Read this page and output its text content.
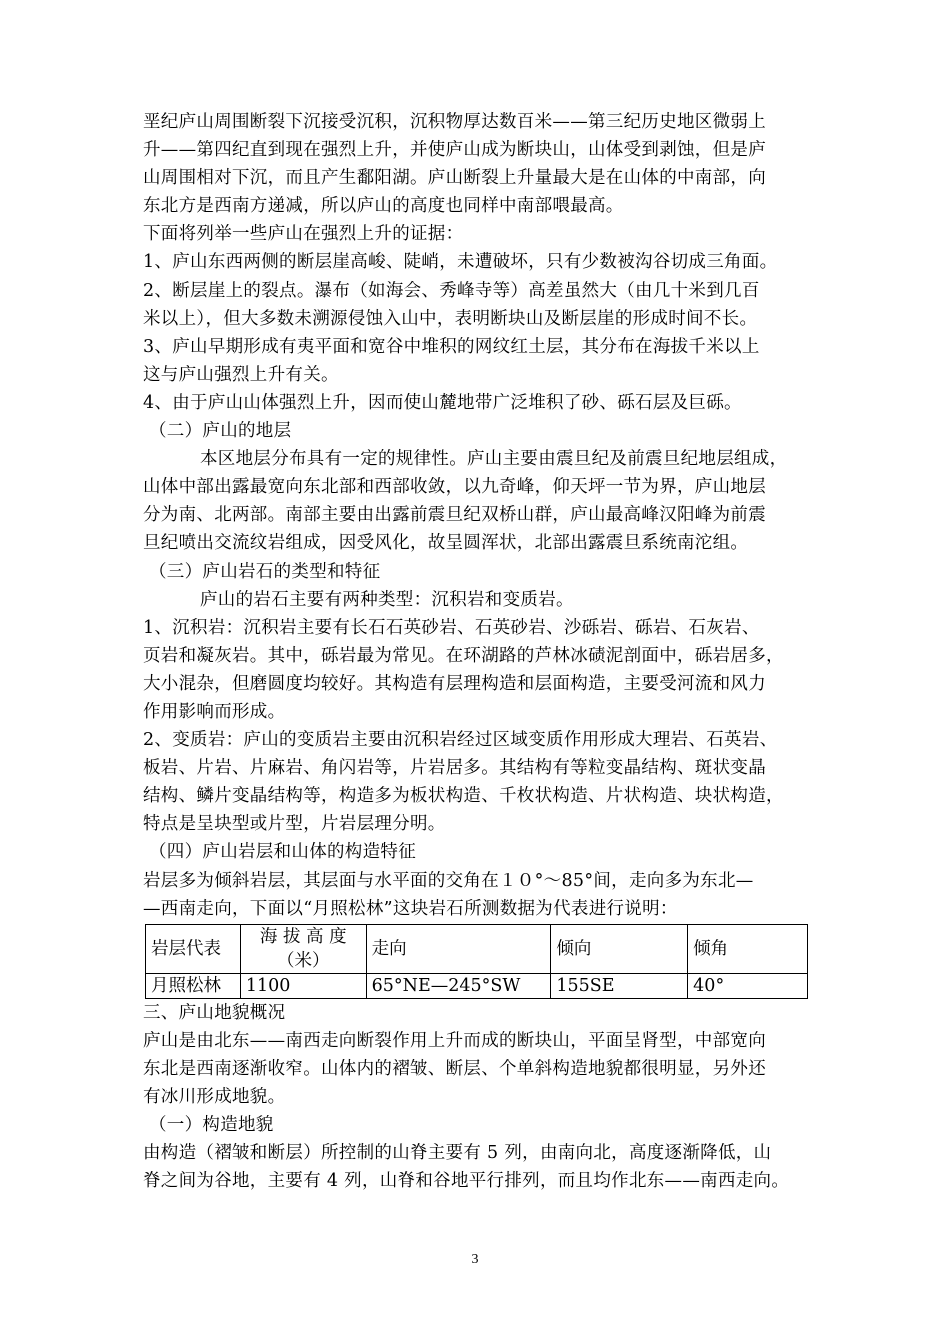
垩纪庐山周围断裂下沉接受沉积，沉积物厚达数百米——第三纪历史地区微弱上

升——第四纪直到现在强烈上升，并使庐山成为断块山，山体受到剥蚀，但是庐

山周围相对下沉，而且产生鄱阳湖。庐山断裂上升量最大是在山体的中南部，向

东北方是西南方递减，所以庐山的高度也同样中南部喂最高。

下面将列举一些庐山在强烈上升的证据：

1、庐山东西两侧的断层崖高峻、陡峭，未遭破坏，只有少数被沟谷切成三角面。

2、断层崖上的裂点。瀑布（如海会、秀峰寺等）高差虽然大（由几十米到几百

米以上），但大多数未溯源侵蚀入山中，表明断块山及断层崖的形成时间不长。

3、庐山早期形成有夷平面和宽谷中堆积的网纹红土层，其分布在海拔千米以上

这与庐山强烈上升有关。

4、由于庐山山体强烈上升，因而使山麓地带广泛堆积了砂、砾石层及巨砾。

（二）庐山的地层

本区地层分布具有一定的规律性。庐山主要由震旦纪及前震旦纪地层组成，

山体中部出露最宽向东北部和西部收敛，以九奇峰，仰天坪一节为界，庐山地层

分为南、北两部。南部主要由出露前震旦纪双桥山群，庐山最高峰汉阳峰为前震

旦纪喷出交流纹岩组成，因受风化，故呈圆浑状，北部出露震旦系统南沱组。

（三）庐山岩石的类型和特征

庐山的岩石主要有两种类型：沉积岩和变质岩。

1、沉积岩：沉积岩主要有长石石英砂岩、石英砂岩、沙砾岩、砾岩、石灰岩、

页岩和凝灰岩。其中，砾岩最为常见。在环湖路的芦林冰碛泥剖面中，砾岩居多，

大小混杂，但磨圆度均较好。其构造有层理构造和层面构造，主要受河流和风力

作用影响而形成。

2、变质岩：庐山的变质岩主要由沉积岩经过区域变质作用形成大理岩、石英岩、

板岩、片岩、片麻岩、角闪岩等，片岩居多。其结构有等粒变晶结构、斑状变晶

结构、鳞片变晶结构等，构造多为板状构造、千枚状构造、片状构造、块状构造，

特点是呈块型或片型，片岩层理分明。

（四）庐山岩层和山体的构造特征

岩层多为倾斜岩层，其层面与水平面的交角在１０°～85°间，走向多为东北—

—西南走向，下面以“月照松林”这块岩石所测数据为代表进行说明：

岩层代表	海 拔 高 度（米）	走向	倾向	倾角
月照松林	1100	65°NE—245°SW	155SE	40°

三、庐山地貌概况

庐山是由北东——南西走向断裂作用上升而成的断块山，平面呈肾型，中部宽向

东北是西南逐渐收窄。山体内的褶皱、断层、个单斜构造地貌都很明显，另外还

有冰川形成地貌。

（一）构造地貌

由构造（褶皱和断层）所控制的山脊主要有 5 列，由南向北，高度逐渐降低，山

脊之间为谷地，主要有 4 列，山脊和谷地平行排列，而且均作北东——南西走向。

3
